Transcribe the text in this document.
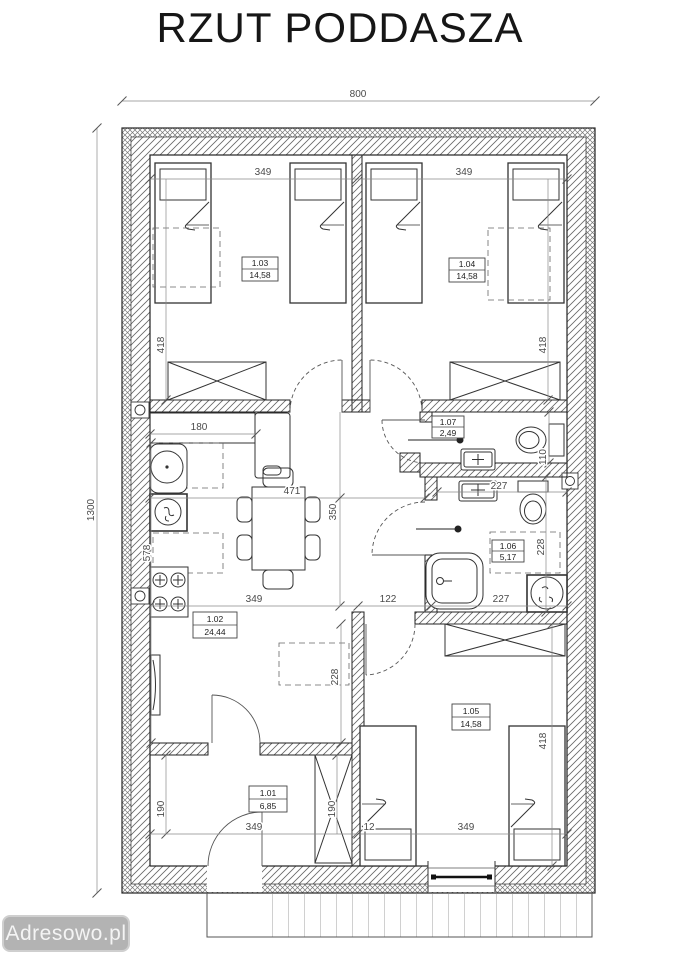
RZUT PODDASZA
800
1300
349	349
418	418
180
110
227
228
471
350
578
349	122	227
228
190
349
190
12	349
418
1.03
14,58
1.04
14,58
1.07
2,49
1.06
5,17
1.02
24,44
1.01
6,85
1.05
14,58
Adresowo.pl
